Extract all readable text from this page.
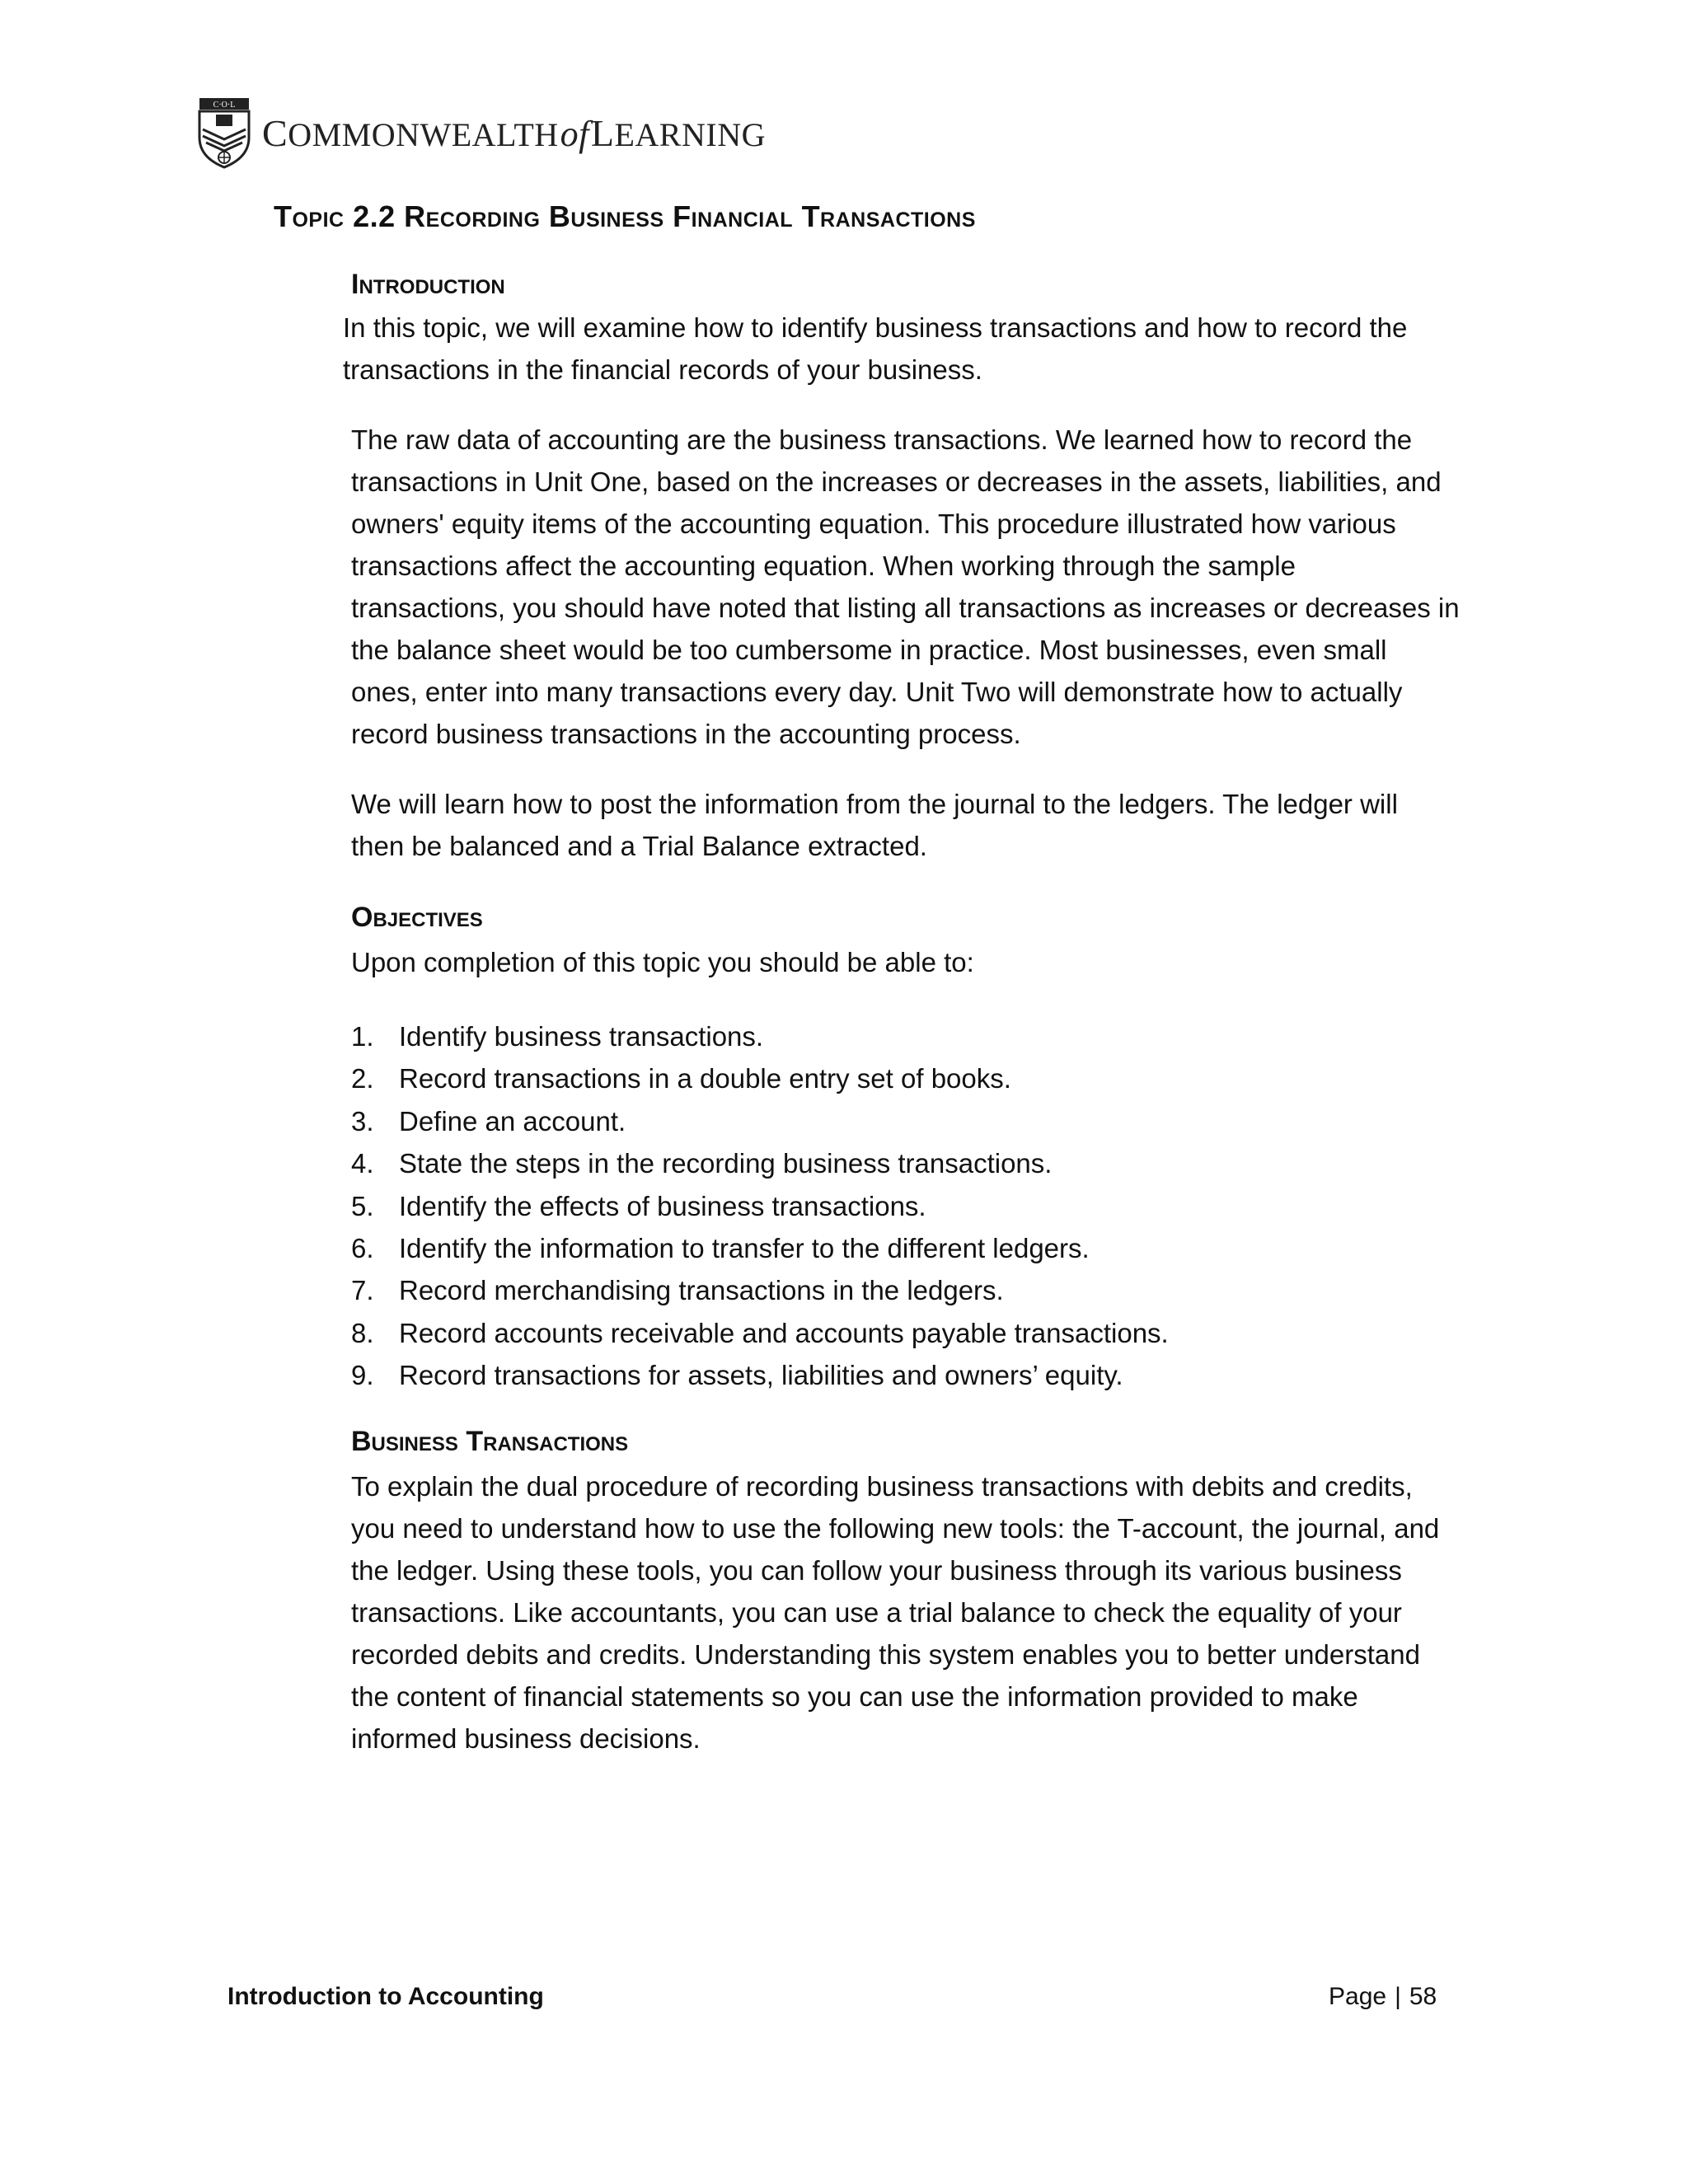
C·O·L
COMMONWEALTHofLEARNING
Topic 2.2 Recording Business Financial Transactions
Introduction

In this topic, we will examine how to identify business transactions and how to record the
transactions in the financial records of your business.

The raw data of accounting are the business transactions. We learned how to record the
transactions in Unit One, based on the increases or decreases in the assets, liabilities, and
owners' equity items of the accounting equation. This procedure illustrated how various
transactions affect the accounting equation. When working through the sample
transactions, you should have noted that listing all transactions as increases or decreases in
the balance sheet would be too cumbersome in practice. Most businesses, even small
ones, enter into many transactions every day. Unit Two will demonstrate how to actually
record business transactions in the accounting process.

We will learn how to post the information from the journal to the ledgers. The ledger will
then be balanced and a Trial Balance extracted.

Objectives

Upon completion of this topic you should be able to:

1. Identify business transactions.
2. Record transactions in a double entry set of books.
3. Define an account.
4. State the steps in the recording business transactions.
5. Identify the effects of business transactions.
6. Identify the information to transfer to the different ledgers.
7. Record merchandising transactions in the ledgers.
8. Record accounts receivable and accounts payable transactions.
9. Record transactions for assets, liabilities and owners’ equity.
Business Transactions

To explain the dual procedure of recording business transactions with debits and credits,
you need to understand how to use the following new tools: the T-account, the journal, and
the ledger. Using these tools, you can follow your business through its various business
transactions. Like accountants, you can use a trial balance to check the equality of your
recorded debits and credits. Understanding this system enables you to better understand
the content of financial statements so you can use the information provided to make
informed business decisions.

Introduction to Accounting	Page | 58
